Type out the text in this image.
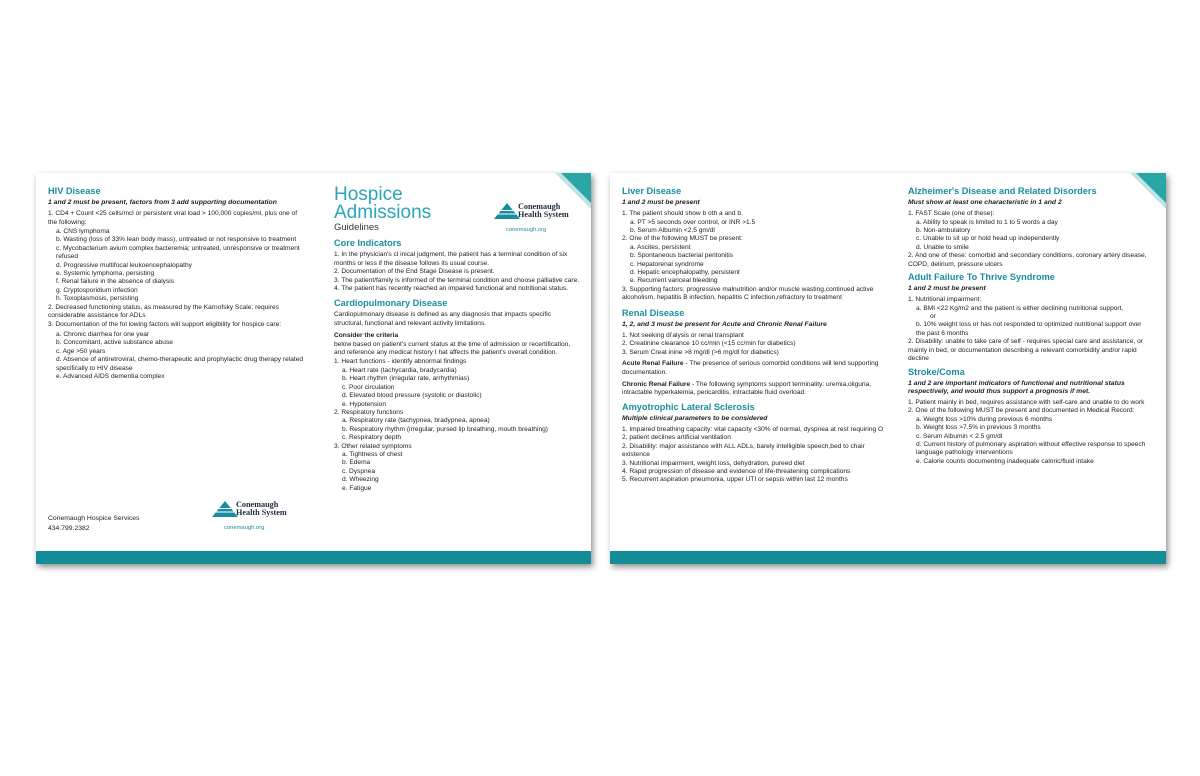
HIV Disease
1 and 2 must be present, factors from 3 add supporting documentation
1. CD4 + Count <25 cells/mcl or persistent viral load > 100,000 copies/ml, plus one of the following:
a. CNS lymphoma
b. Wasting (loss of 33% lean body mass), untreated or not responsive to treatment
c. Mycobacterium avium complex bacteremia; untreated, unresponsive or treatment refused
d. Progressive multifocal leukoencephalopathy
e. Systemic lymphoma, persisting
f. Renal failure in the absence of dialysis
g. Cryptosporidium infection
h. Toxoplasmosis, persisting
2. Decreased functioning status, as measured by the Karnofsky Scale; requires considerable assistance for ADLs
3. Documentation of the fol lowing factors will support eligibility for hospice care:
a. Chronic diarrhea for one year
b. Concomitant, active substance abuse
c. Age >50 years
d. Absence of antiretroviral, chemo-therapeutic and prophylactic drug therapy related specifically to HIV disease
e. Advanced AIDS dementia complex
Conemaugh Hospice Services
434.799.2382
Conemaugh
Health System
conemaugh.org
Hospice
Admissions
Guidelines
Core Indicators
1. In the physician's cl inical judgment, the patient has a terminal condition of six months or less if the disease follows its usual course.
2. Documentation of the End Stage Disease is present.
3. The patient/family is informed of the terminal condition and choose palliative care.
4. The patient has recently reached an impaired functional and nutritional status.
Cardiopulmonary Disease
Cardiopulmonary disease is defined as any diagnosis that impacts specific structural, functional and relevant activity limitations.
Consider the criteria
below based on patient's current status at the time of admission or recertification, and reference any medical history t hat affects the patient's overall condition.
1. Heart functions - identify abnormal findings
a. Heart rate (tachycardia, bradycardia)
b. Heart rhythm (irregular rate, arrhythmias)
c. Poor circulation
d. Elevated blood pressure (systolic or diastolic)
e. Hypotension
2. Respiratory functions
a. Respiratory rate (tachypnea, bradypnea, apnea)
b. Respiratory rhythm (irregular, pursed lip breathing, mouth breathing)
c. Respiratory depth
3. Other related symptoms
a. Tightness of chest
b. Edema
c. Dyspnea
d. Wheezing
e. Fatigue
Conemaugh
Health System
conemaugh.org
Liver Disease
1 and 2 must be present
1. The patient should show b oth a and b.
a. PT >5 seconds over control, or INR >1.5
b. Serum Albumin <2.5 gm/dl
2. One of the following MUST be present:
a. Ascites, persistent
b. Spontaneous bacterial peritonitis
c. Hepatorenal syndrome
d. Hepatic encephalopathy, persistent
e. Recurrent variceal bleeding
3. Supporting factors: progressive malnutrition and/or muscle wasting,continued active alcoholism, hepatitis B infection, hepatitis C infection,refractory to treatment
Renal Disease
1, 2, and 3 must be present for Acute and Chronic Renal Failure
1. Not seeking di'alysis or renal transplant
2. Creatinine clearance 10 cc/min (<15 cc/min for diabetics)
3. Serum Creat inine >8 mg/dl (>6 mg/dl for diabetics)
Acute Renal Failure - The presence of serious comorbid conditions will lend supporting documentation.
Chronic Renal Failure - The following symptoms support terminality: uremia,oliguria, intractable hyperkalemia, pericarditis, intractable fluid overload.
Amyotrophic Lateral Sclerosis
Multiple clinical parameters to be considered
1. Impaired breathing capacity: vital capacity <30% of normal, dyspnea at rest requiring O 2, patient declines artificial ventilation
2. Disability: major assistance with ALL ADLs, barely intelligible speech,bed to chair existence
3. Nutritional impairment, weight loss, dehydration, pureed diet
4. Rapid progression of disease and evidence of life-threatening complications
5. Recurrent aspiration pneumonia, upper UTI or sepsis within last 12 months
Alzheimer's Disease and Related Disorders
Must show at least one characteristic in 1 and 2
1. FAST Scale (one of these):
a. Ability to speak is limited to 1 to 5 words a day
b. Non-ambulatory
c. Unable to sit up or hold head up independently
d. Unable to smile
2. And one of these: comorbid and secondary conditions, coronary artery disease, COPD, delirium, pressure ulcers
Adult Failure To Thrive Syndrome
1 and 2 must be present
1. Nutritional impairment:
a. BMI <22 Kg/m2 and the patient is either declining nutritional support,
or
b. 10% weight loss or has not responded to optimized nutritional support over the past 6 months
2. Disability: unable to take care of self - requires special care and assistance, or mainly in bed, or documentation describing a relevant comorbidity and/or rapid decline
Stroke/Coma
1 and 2 are important indicators of functional and nutritional status respectively, and would thus support a prognosis if met.
1. Patient mainly in bed, requires assistance with self-care and unable to do work
2. One of the following MUST be present and documented in Medical Record:
a. Weight loss >10% during previous 6 months
b. Weight loss >7.5% in previous 3 months
c. Serum Albumin < 2.5 gm/dl
d. Current history of pulmonary aspiration without effective response to speech language pathology interventions
e. Calorie counts documenting inadequate caloric/fluid intake
